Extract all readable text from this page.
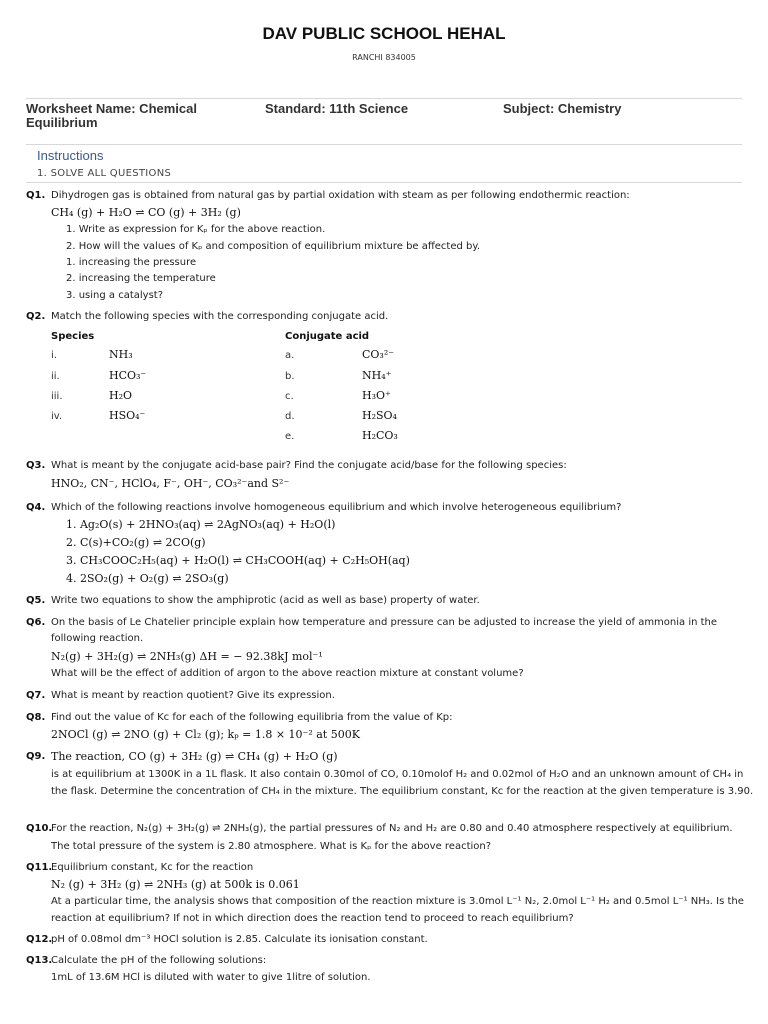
DAV PUBLIC SCHOOL HEHAL
RANCHI 834005
Worksheet Name: Chemical
Equilibrium
Standard: 11th Science	Subject: Chemistry
Instructions
1. SOLVE ALL QUESTIONS
Q1. Dihydrogen gas is obtained from natural gas by partial oxidation with steam as per following endothermic reaction:
CH₄ (g) + H₂O ⇌ CO (g) + 3H₂ (g)
1. Write as expression for Kₚ for the above reaction.
2. How will the values of Kₚ and composition of equilibrium mixture be affected by.
1. increasing the pressure
2. increasing the temperature
3. using a catalyst?
Q2. Match the following species with the corresponding conjugate acid.
Species	Conjugate acid
i.
ii.
iii.
iv.
NH₃
HCO₃⁻
H₂O
HSO₄⁻
a.
b.
c.
d.
e.
CO₃²⁻
NH₄⁺
H₃O⁺
H₂SO₄
H₂CO₃
Q3. What is meant by the conjugate acid-base pair? Find the conjugate acid/base for the following species:
HNO₂, CN⁻, HClO₄, F⁻, OH⁻, CO₃²⁻and S²⁻
Q4. Which of the following reactions involve homogeneous equilibrium and which involve heterogeneous equilibrium?
1. Ag₂O(s) + 2HNO₃(aq) ⇌ 2AgNO₃(aq) + H₂O(l)
2. C(s)+CO₂(g) ⇌ 2CO(g)
3. CH₃COOC₂H₅(aq) + H₂O(l) ⇌ CH₃COOH(aq) + C₂H₅OH(aq)
4. 2SO₂(g) + O₂(g) ⇌ 2SO₃(g)
Q5. Write two equations to show the amphiprotic (acid as well as base) property of water.
Q6. On the basis of Le Chatelier principle explain how temperature and pressure can be adjusted to increase the yield of ammonia in the
following reaction.
N₂(g) + 3H₂(g) ⇌ 2NH₃(g) ΔH = − 92.38kJ mol⁻¹
What will be the effect of addition of argon to the above reaction mixture at constant volume?
Q7. What is meant by reaction quotient? Give its expression.
Q8. Find out the value of Kc for each of the following equilibria from the value of Kp:
2NOCl (g) ⇌ 2NO (g) + Cl₂ (g); kₚ = 1.8 × 10⁻² at 500K
Q9. The reaction, CO (g) + 3H₂ (g) ⇌ CH₄ (g) + H₂O (g)
is at equilibrium at 1300K in a 1L flask. It also contain 0.30mol of CO, 0.10molof H₂ and 0.02mol of H₂O and an unknown amount of CH₄ in
the flask. Determine the concentration of CH₄ in the mixture. The equilibrium constant, Kc for the reaction at the given temperature is 3.90.
Q10.
For the reaction, N₂(g) + 3H₂(g) ⇌ 2NH₃(g), the partial pressures of N₂ and H₂ are 0.80 and 0.40 atmosphere respectively at equilibrium.
The total pressure of the system is 2.80 atmosphere. What is Kₚ for the above reaction?
Q11.
Equilibrium constant, Kc for the reaction
N₂ (g) + 3H₂ (g) ⇌ 2NH₃ (g) at 500k is 0.061
At a particular time, the analysis shows that composition of the reaction mixture is 3.0mol L⁻¹ N₂, 2.0mol L⁻¹ H₂ and 0.5mol L⁻¹ NH₃. Is the
reaction at equilibrium? If not in which direction does the reaction tend to proceed to reach equilibrium?
Q12.
pH of 0.08mol dm⁻³ HOCl solution is 2.85. Calculate its ionisation constant.
Q13.
Calculate the pH of the following solutions:
1mL of 13.6M HCl is diluted with water to give 1litre of solution.
